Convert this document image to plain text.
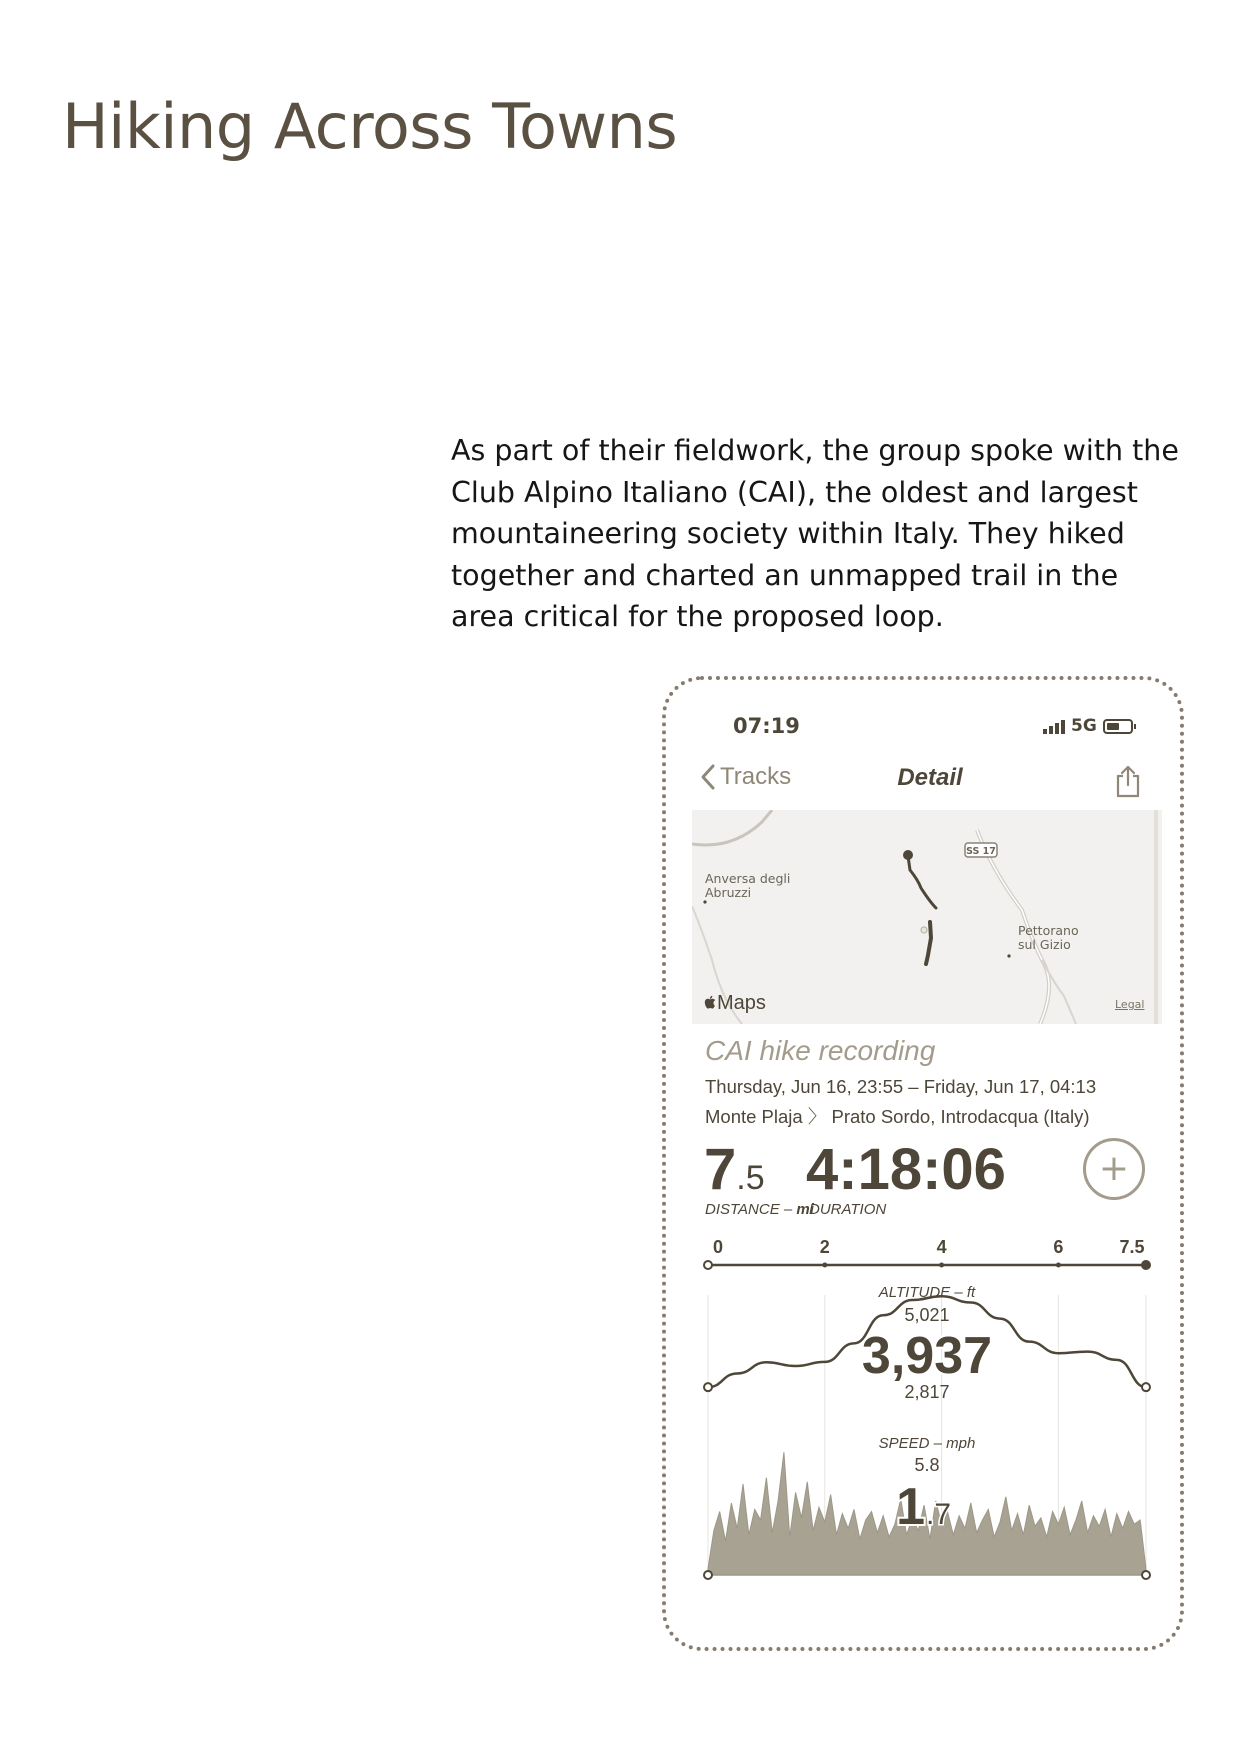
Hiking Across Towns

As part of their fieldwork, the group spoke with the
Club Alpino Italiano (CAI), the oldest and largest
mountaineering society within Italy. They hiked
together and charted an unmapped trail in the
area critical for the proposed loop.

07:19	5G
Tracks	Detail
SS 17
Anversa degli
Abruzzi
Pettorano
sul Gizio
Maps	Legal
CAI hike recording
Thursday, Jun 16, 23:55 – Friday, Jun 17, 04:13
Monte Plaja 〉 Prato Sordo, Introdacqua (Italy)
7.5 4:18:06	+
DISTANCE – mi
DURATION
0	2	4	6	7.5
ALTITUDE – ft
5,021
3,937
2,817
SPEED – mph
5.8
1 .7
